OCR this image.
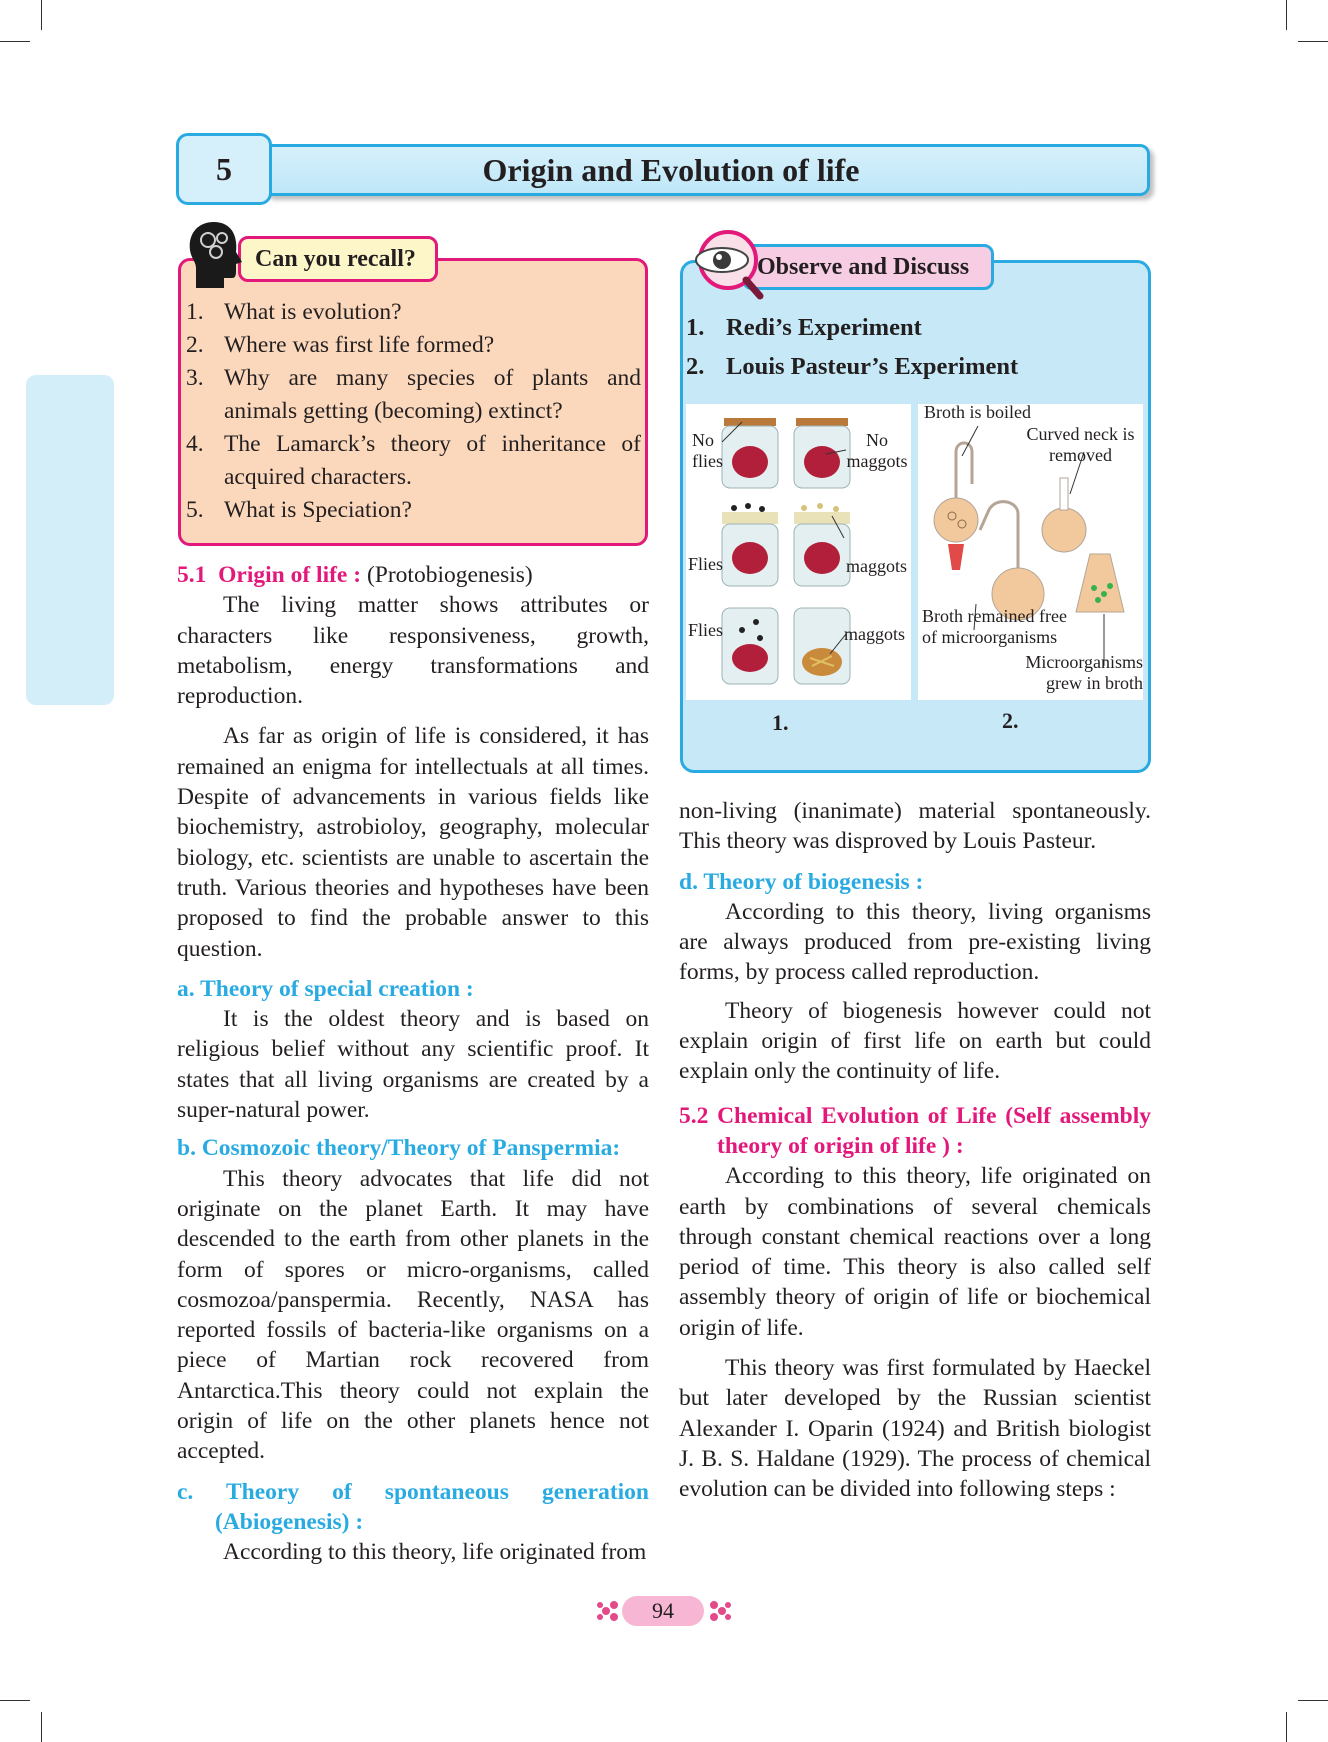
5	Origin and Evolution of life
Can you recall?
1. What is evolution?
2. Where was first life formed?
3. Why are many species of plants and animals getting (becoming) extinct?
4. The Lamarck’s theory of inheritance of acquired characters.
5. What is Speciation?
Observe and Discuss
1. Redi’s Experiment
2. Louis Pasteur’s Experiment
No flies
No maggots
Flies	maggots
Flies	maggots
1.
Broth is boiled
Curved neck is removed
Broth remained free of microorganisms
Microorganisms grew in broth
2.

5.1 Origin of life : (Protobiogenesis)

The living matter shows attributes or characters like responsiveness, growth, metabolism, energy transformations and reproduction.

As far as origin of life is considered, it has remained an enigma for intellectuals at all times. Despite of advancements in various fields like biochemistry, astrobioloy, geography, molecular biology, etc. scientists are unable to ascertain the truth. Various theories and hypotheses have been proposed to find the probable answer to this question.

a. Theory of special creation :

It is the oldest theory and is based on religious belief without any scientific proof. It states that all living organisms are created by a super-natural power.

b. Cosmozoic theory/Theory of Panspermia:

This theory advocates that life did not originate on the planet Earth. It may have descended to the earth from other planets in the form of spores or micro-organisms, called cosmozoa/panspermia. Recently, NASA has reported fossils of bacteria-like organisms on a piece of Martian rock recovered from Antarctica.This theory could not explain the origin of life on the other planets hence not accepted.

c. Theory of spontaneous generation (Abiogenesis) :

According to this theory, life originated from

non-living (inanimate) material spontaneously. This theory was disproved by Louis Pasteur.

d. Theory of biogenesis :

According to this theory, living organisms are always produced from pre-existing living forms, by process called reproduction.

Theory of biogenesis however could not explain origin of first life on earth but could explain only the continuity of life.

5.2 Chemical Evolution of Life (Self assembly theory of origin of life ) :

According to this theory, life originated on earth by combinations of several chemicals through constant chemical reactions over a long period of time. This theory is also called self assembly theory of origin of life or biochemical origin of life.

This theory was first formulated by Haeckel but later developed by the Russian scientist Alexander I. Oparin (1924) and British biologist J. B. S. Haldane (1929). The process of chemical evolution can be divided into following steps :

94
